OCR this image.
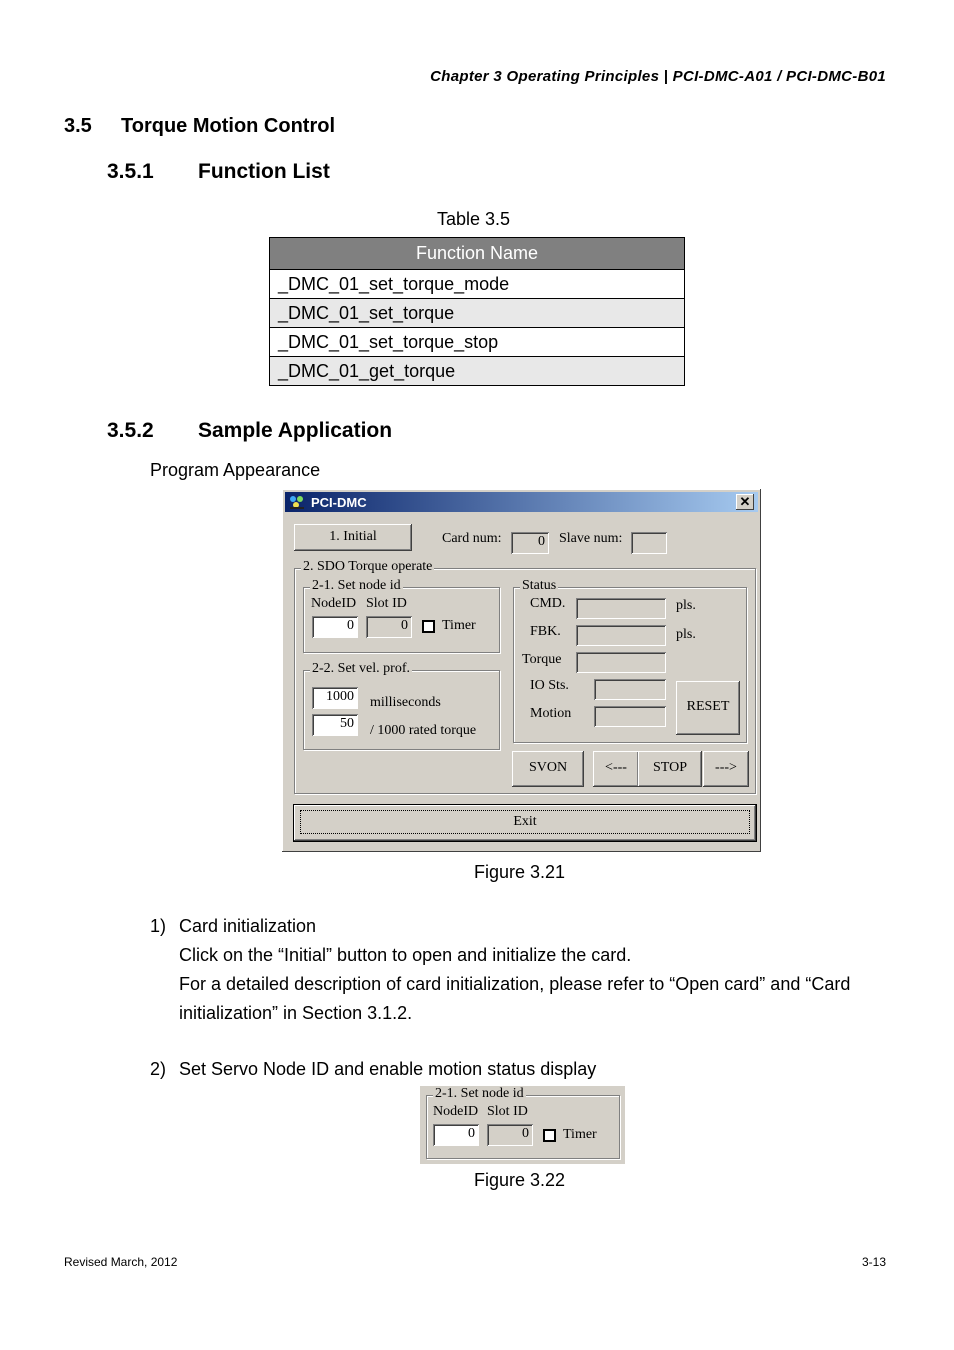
Chapter 3 Operating Principles | PCI-DMC-A01 / PCI-DMC-B01
3.5 Torque Motion Control
3.5.1 Function List
Table 3.5
Function Name
_DMC_01_set_torque_mode
_DMC_01_set_torque
_DMC_01_set_torque_stop
_DMC_01_get_torque
3.5.2 Sample Application
Program Appearance
PCI-DMC	✕
1. Initial	Card num:	0 Slave num:
2. SDO Torque operate
2-1. Set node id
NodeID Slot ID
0	0 Timer
2-2. Set vel. prof.
1000 milliseconds
50 / 1000 rated torque
Status
CMD.	pls.
FBK.	pls.
Torque
IO Sts.
Motion	RESET
SVON	<---	STOP	--->
Exit
Figure 3.21
1) Card initialization
Click on the “Initial” button to open and initialize the card.
For a detailed description of card initialization, please refer to “Open card” and “Card
initialization” in Section 3.1.2.
2) Set Servo Node ID and enable motion status display
2-1. Set node id
NodeID Slot ID
0	0 Timer
Figure 3.22
Revised March, 2012	3-13
